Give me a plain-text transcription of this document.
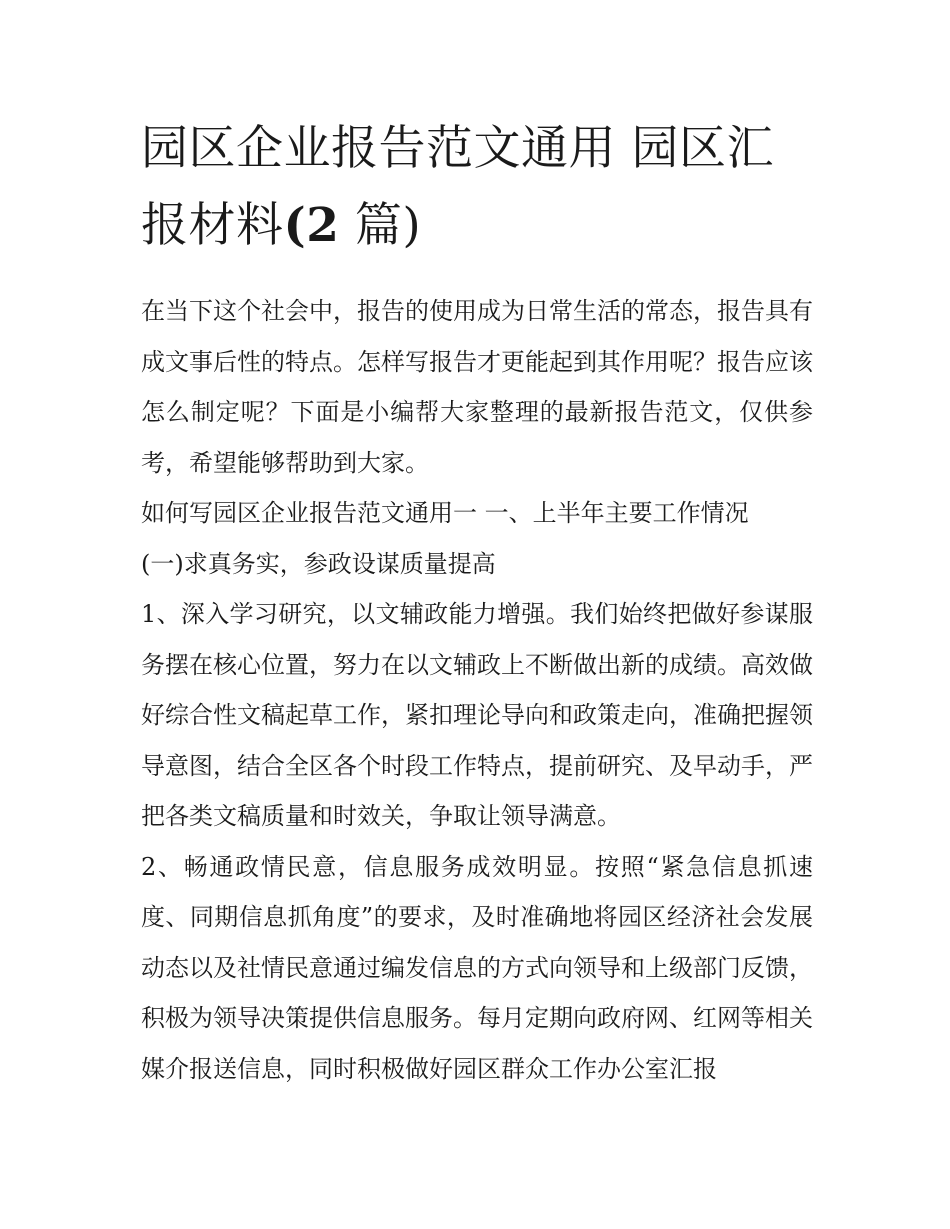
园区企业报告范文通用 园区汇报材料(2 篇)

在当下这个社会中，报告的使用成为日常生活的常态，报告具有成文事后性的特点。怎样写报告才更能起到其作用呢？报告应该怎么制定呢？下面是小编帮大家整理的最新报告范文，仅供参考，希望能够帮助到大家。

如何写园区企业报告范文通用一 一、上半年主要工作情况

(一)求真务实，参政设谋质量提高

1、深入学习研究，以文辅政能力增强。我们始终把做好参谋服务摆在核心位置，努力在以文辅政上不断做出新的成绩。高效做好综合性文稿起草工作，紧扣理论导向和政策走向，准确把握领导意图，结合全区各个时段工作特点，提前研究、及早动手，严把各类文稿质量和时效关，争取让领导满意。

2、畅通政情民意，信息服务成效明显。按照“紧急信息抓速度、同期信息抓角度”的要求，及时准确地将园区经济社会发展动态以及社情民意通过编发信息的方式向领导和上级部门反馈，积极为领导决策提供信息服务。每月定期向政府网、红网等相关媒介报送信息，同时积极做好园区群众工作办公室汇报
